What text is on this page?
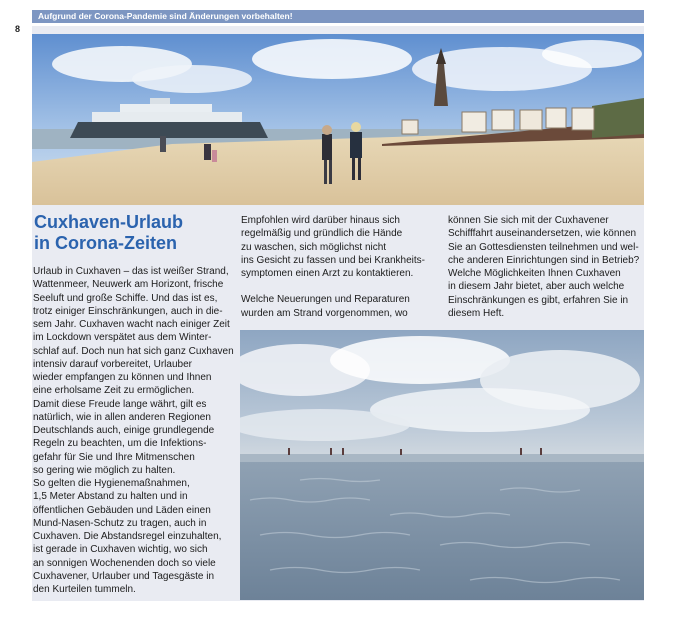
Aufgrund der Corona-Pandemie sind Änderungen vorbehalten!
8
Cuxhaven-Urlaub
in Corona-Zeiten
Urlaub in Cuxhaven – das ist weißer Strand,
Wattenmeer, Neuwerk am Horizont, frische
Seeluft und große Schiffe. Und das ist es,
trotz einiger Einschränkungen, auch in die-
sem Jahr. Cuxhaven wacht nach einiger Zeit
im Lockdown verspätet aus dem Winter-
schlaf auf. Doch nun hat sich ganz Cuxhaven
intensiv darauf vorbereitet, Urlauber
wieder empfangen zu können und Ihnen
eine erholsame Zeit zu ermöglichen.
Damit diese Freude lange währt, gilt es
natürlich, wie in allen anderen Regionen
Deutschlands auch, einige grundlegende
Regeln zu beachten, um die Infektions-
gefahr für Sie und Ihre Mitmenschen
so gering wie möglich zu halten.
So gelten die Hygienemaßnahmen,
1,5 Meter Abstand zu halten und in
öffentlichen Gebäuden und Läden einen
Mund-Nasen-Schutz zu tragen, auch in
Cuxhaven. Die Abstandsregel einzuhalten,
ist gerade in Cuxhaven wichtig, wo sich
an sonnigen Wochenenden doch so viele
Cuxhavener, Urlauber und Tagesgäste in
den Kurteilen tummeln.
Empfohlen wird darüber hinaus sich
regelmäßig und gründlich die Hände
zu waschen, sich möglichst nicht
ins Gesicht zu fassen und bei Krankheits-
symptomen einen Arzt zu kontaktieren.
Welche Neuerungen und Reparaturen
wurden am Strand vorgenommen, wo
können Sie sich mit der Cuxhavener
Schifffahrt auseinandersetzen, wie können
Sie an Gottesdiensten teilnehmen und wel-
che anderen Einrichtungen sind in Betrieb?
Welche Möglichkeiten Ihnen Cuxhaven
in diesem Jahr bietet, aber auch welche
Einschränkungen es gibt, erfahren Sie in
diesem Heft.
